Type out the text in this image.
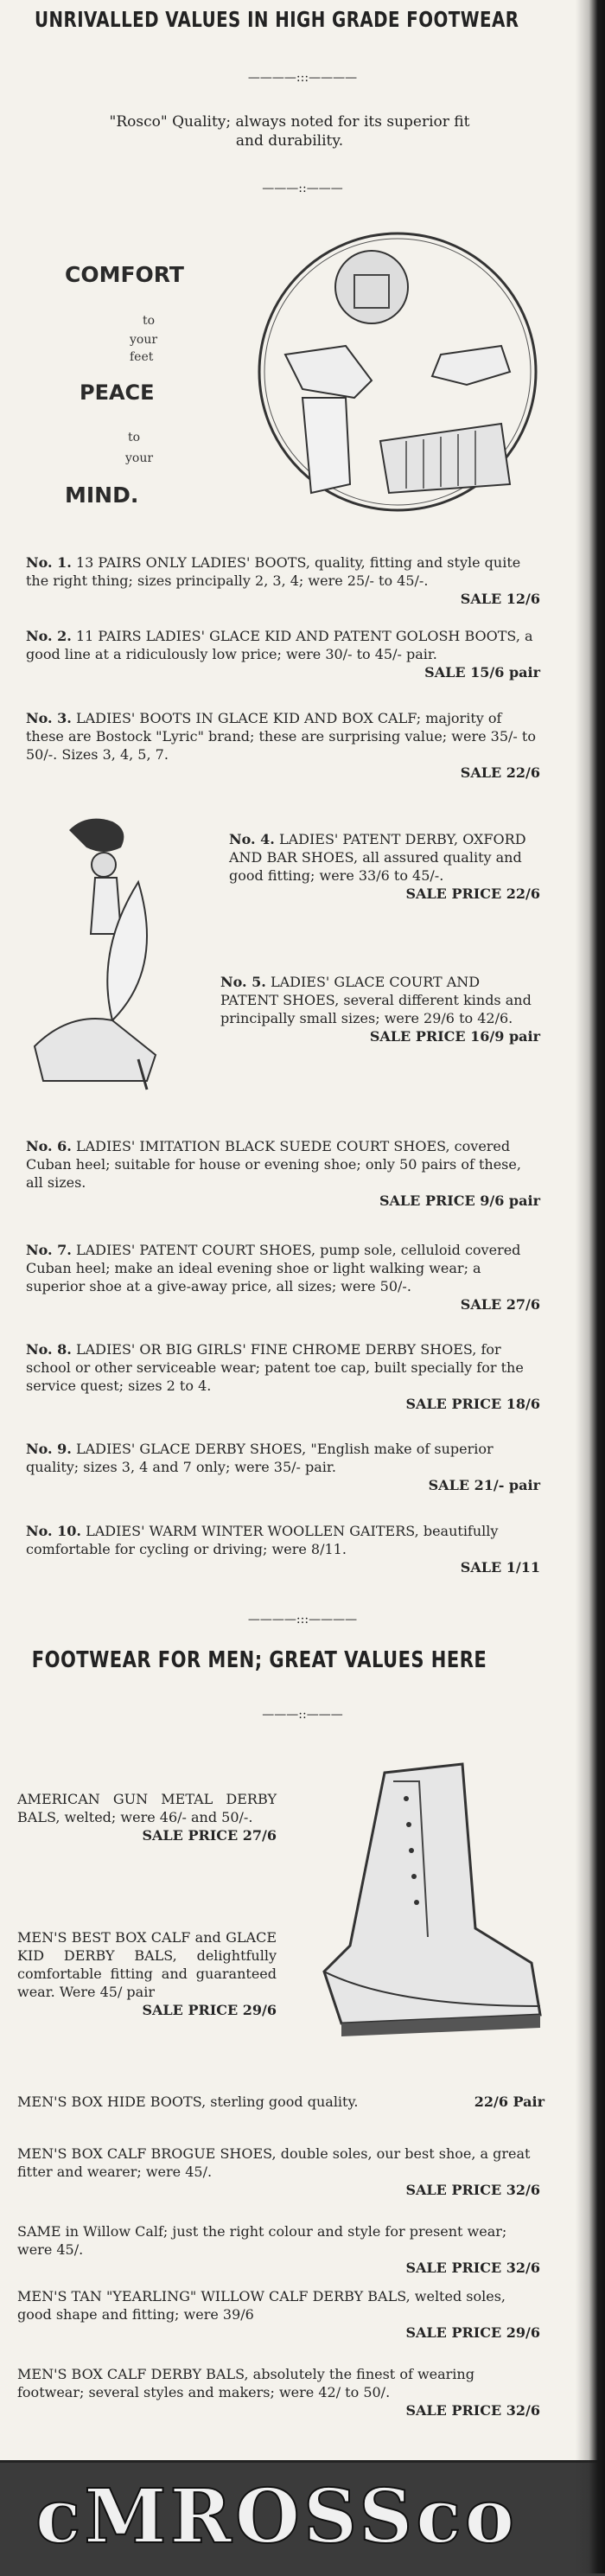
UNRIVALLED VALUES IN HIGH GRADE FOOTWEAR
————:::————
"Rosco" Quality; always noted for its superior fit and durability.
———::———
COMFORT
to
your
feet
PEACE
to
your
MIND.
No. 1. 13 PAIRS ONLY LADIES' BOOTS, quality, fitting and style quite the right thing; sizes principally 2, 3, 4; were 25/- to 45/-.
SALE 12/6
No. 2. 11 PAIRS LADIES' GLACE KID AND PATENT GOLOSH BOOTS, a good line at a ridiculously low price; were 30/- to 45/- pair.
SALE 15/6 pair
No. 3. LADIES' BOOTS IN GLACE KID AND BOX CALF; majority of these are Bostock "Lyric" brand; these are surprising value; were 35/- to 50/-. Sizes 3, 4, 5, 7.
SALE 22/6
No. 4. LADIES' PATENT DERBY, OXFORD AND BAR SHOES, all assured quality and good fitting; were 33/6 to 45/-.
SALE PRICE 22/6
No. 5. LADIES' GLACE COURT AND PATENT SHOES, several different kinds and principally small sizes; were 29/6 to 42/6.
SALE PRICE 16/9 pair
No. 6. LADIES' IMITATION BLACK SUEDE COURT SHOES, covered Cuban heel; suitable for house or evening shoe; only 50 pairs of these, all sizes.
SALE PRICE 9/6 pair
No. 7. LADIES' PATENT COURT SHOES, pump sole, celluloid covered Cuban heel; make an ideal evening shoe or light walking wear; a superior shoe at a give-away price, all sizes; were 50/-.
SALE 27/6
No. 8. LADIES' OR BIG GIRLS' FINE CHROME DERBY SHOES, for school or other serviceable wear; patent toe cap, built specially for the service quest; sizes 2 to 4.
SALE PRICE 18/6
No. 9. LADIES' GLACE DERBY SHOES, "English make of superior quality; sizes 3, 4 and 7 only; were 35/- pair.
SALE 21/- pair
No. 10. LADIES' WARM WINTER WOOLLEN GAITERS, beautifully comfortable for cycling or driving; were 8/11.
SALE 1/11
————:::————
FOOTWEAR FOR MEN; GREAT VALUES HERE
———::———
AMERICAN GUN METAL DERBY BALS, welted; were 46/- and 50/-.
SALE PRICE 27/6
MEN'S BEST BOX CALF and GLACE KID DERBY BALS, delightfully comfortable fitting and guaranteed wear. Were 45/ pair
SALE PRICE 29/6
MEN'S BOX HIDE BOOTS, sterling good quality.	22/6 Pair
MEN'S BOX CALF BROGUE SHOES, double soles, our best shoe, a great fitter and wearer; were 45/.
SALE PRICE 32/6
SAME in Willow Calf; just the right colour and style for present wear; were 45/.
SALE PRICE 32/6
MEN'S TAN "YEARLING" WILLOW CALF DERBY BALS, welted soles, good shape and fitting; were 39/6
SALE PRICE 29/6
MEN'S BOX CALF DERBY BALS, absolutely the finest of wearing footwear; several styles and makers; were 42/ to 50/.
SALE PRICE 32/6
cMROSSco
